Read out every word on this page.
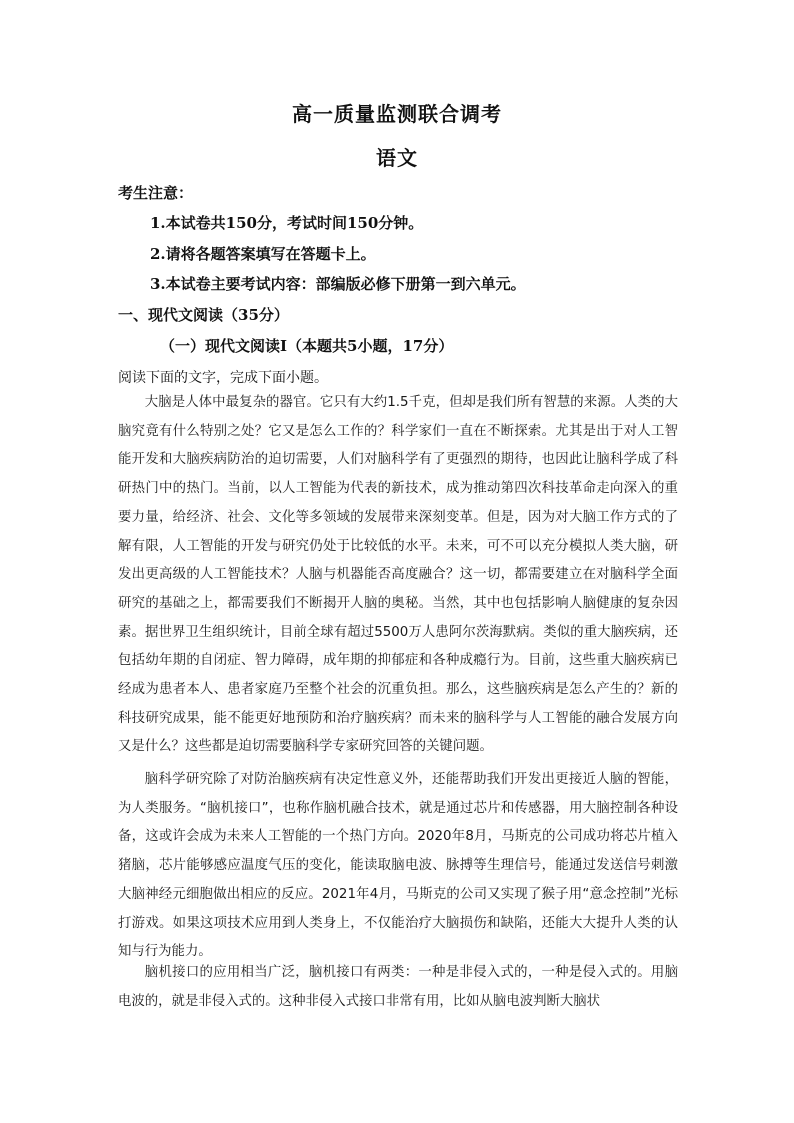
高一质量监测联合调考
语文
考生注意：
1.本试卷共150分，考试时间150分钟。
2.请将各题答案填写在答题卡上。
3.本试卷主要考试内容：部编版必修下册第一到六单元。
一、现代文阅读（35分）
（一）现代文阅读Ⅰ（本题共5小题，17分）
阅读下面的文字，完成下面小题。

大脑是人体中最复杂的器官。它只有大约1.5千克，但却是我们所有智慧的来源。人类的大脑究竟有什么特别之处？它又是怎么工作的？科学家们一直在不断探索。尤其是出于对人工智能开发和大脑疾病防治的迫切需要，人们对脑科学有了更强烈的期待，也因此让脑科学成了科研热门中的热门。当前，以人工智能为代表的新技术，成为推动第四次科技革命走向深入的重要力量，给经济、社会、文化等多领域的发展带来深刻变革。但是，因为对大脑工作方式的了解有限，人工智能的开发与研究仍处于比较低的水平。未来，可不可以充分模拟人类大脑，研发出更高级的人工智能技术？人脑与机器能否高度融合？这一切，都需要建立在对脑科学全面研究的基础之上，都需要我们不断揭开人脑的奥秘。当然，其中也包括影响人脑健康的复杂因素。据世界卫生组织统计，目前全球有超过5500万人患阿尔茨海默病。类似的重大脑疾病，还包括幼年期的自闭症、智力障碍，成年期的抑郁症和各种成瘾行为。目前，这些重大脑疾病已经成为患者本人、患者家庭乃至整个社会的沉重负担。那么，这些脑疾病是怎么产生的？新的科技研究成果，能不能更好地预防和治疗脑疾病？而未来的脑科学与人工智能的融合发展方向又是什么？这些都是迫切需要脑科学专家研究回答的关键问题。

脑科学研究除了对防治脑疾病有决定性意义外，还能帮助我们开发出更接近人脑的智能，为人类服务。“脑机接口”，也称作脑机融合技术，就是通过芯片和传感器，用大脑控制各种设备，这或许会成为未来人工智能的一个热门方向。2020年8月，马斯克的公司成功将芯片植入猪脑，芯片能够感应温度气压的变化，能读取脑电波、脉搏等生理信号，能通过发送信号刺激大脑神经元细胞做出相应的反应。2021年4月，马斯克的公司又实现了猴子用“意念控制”光标打游戏。如果这项技术应用到人类身上，不仅能治疗大脑损伤和缺陷，还能大大提升人类的认知与行为能力。

脑机接口的应用相当广泛，脑机接口有两类：一种是非侵入式的，一种是侵入式的。用脑电波的，就是非侵入式的。这种非侵入式接口非常有用，比如从脑电波判断大脑状
